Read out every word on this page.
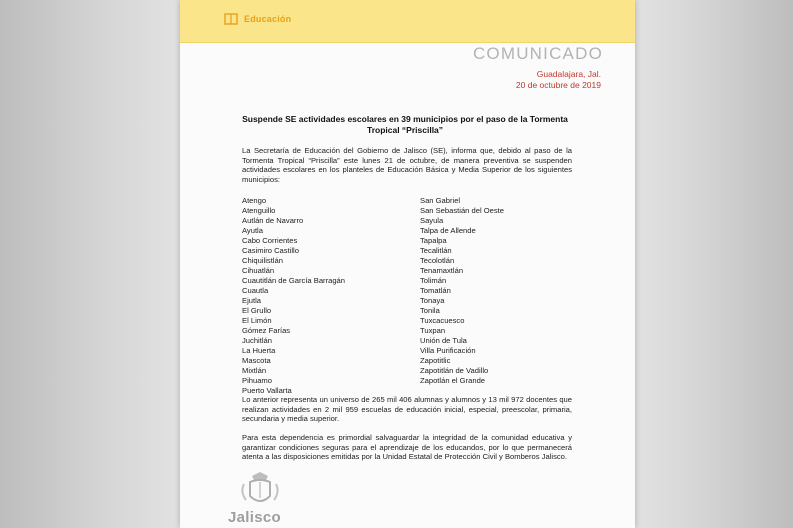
Educación
COMUNICADO
Guadalajara, Jal.
20 de octubre de 2019
Suspende SE actividades escolares en 39 municipios por el paso de la Tormenta Tropical “Priscilla”
La Secretaría de Educación del Gobierno de Jalisco (SE), informa que, debido al paso de la Tormenta Tropical “Priscilla” este lunes 21 de octubre, de manera preventiva se suspenden actividades escolares en los planteles de Educación Básica y Media Superior de los siguientes municipios:
Atengo
Atenguillo
Autlán de Navarro
Ayutla
Cabo Corrientes
Casimiro Castillo
Chiquilistlán
Cihuatlán
Cuautitlán de García Barragán
Cuautla
Ejutla
El Grullo
El Limón
Gómez Farías
Juchitlán
La Huerta
Mascota
Mixtlán
Pihuamo
Puerto Vallarta
San Gabriel
San Sebastián del Oeste
Sayula
Talpa de Allende
Tapalpa
Tecalitlán
Tecolotlán
Tenamaxtlán
Tolimán
Tomatlán
Tonaya
Tonila
Tuxcacuesco
Tuxpan
Unión de Tula
Villa Purificación
Zapotitlic
Zapotitlán de Vadillo
Zapotlán el Grande
Lo anterior representa un universo de 265 mil 406 alumnas y alumnos y 13 mil 972 docentes que realizan actividades en 2 mil 959 escuelas de educación inicial, especial, preescolar, primaria, secundaria y media superior.
Para esta dependencia es primordial salvaguardar la integridad de la comunidad educativa y garantizar condiciones seguras para el aprendizaje de los educandos, por lo que permanecerá atenta a las disposiciones emitidas por la Unidad Estatal de Protección Civil y Bomberos Jalisco.
Jalisco
